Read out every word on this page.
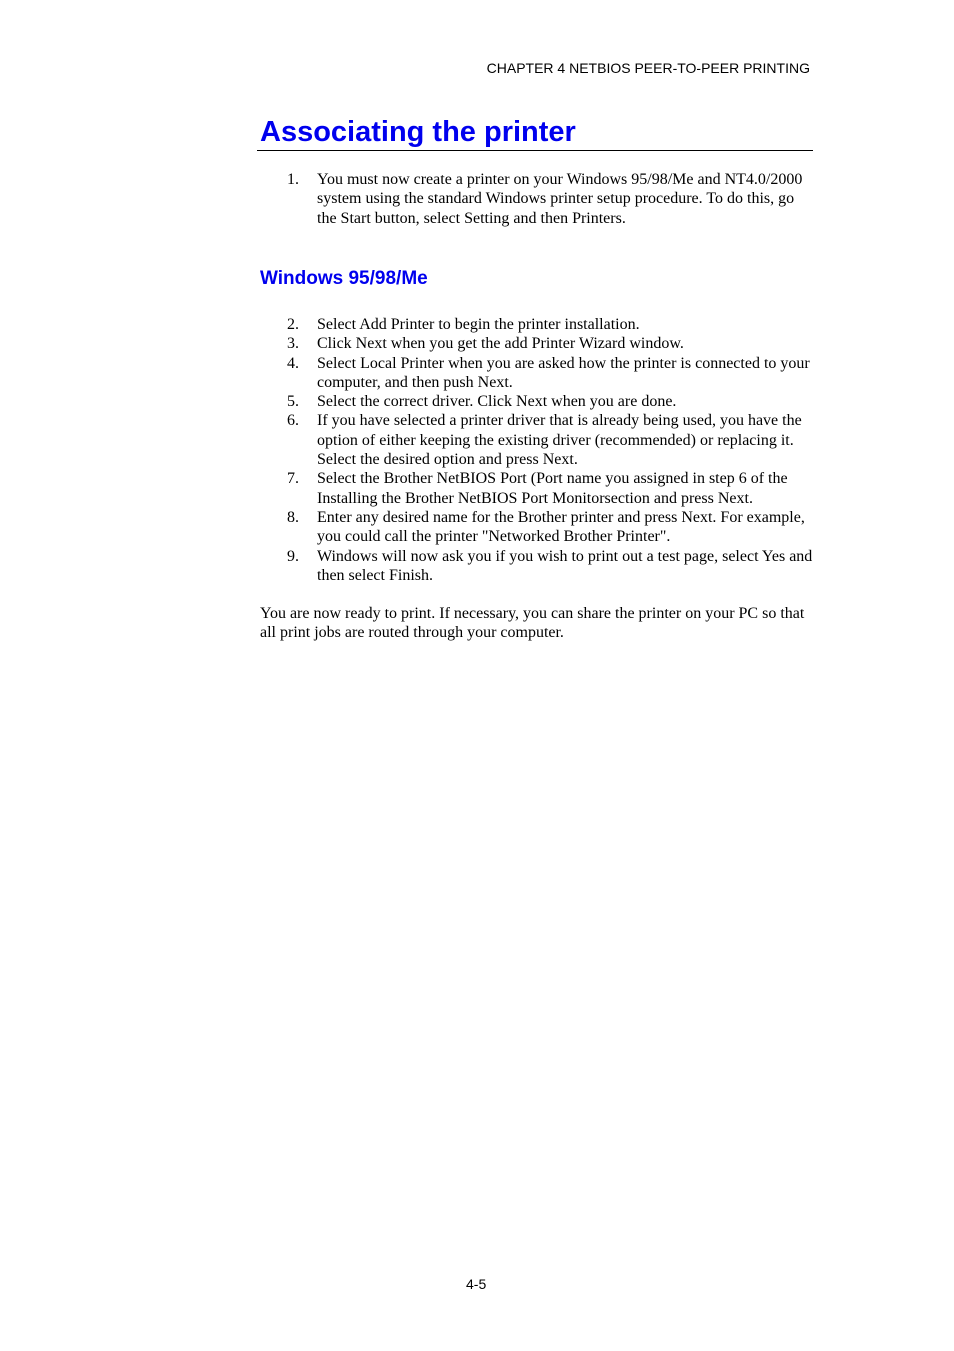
CHAPTER 4 NETBIOS PEER-TO-PEER PRINTING
Associating the printer
1.	You must now create a printer on your Windows 95/98/Me and NT4.0/2000 system using the standard Windows printer setup procedure. To do this, go the Start button, select Setting and then Printers.
Windows 95/98/Me
2.	Select Add Printer to begin the printer installation.
3.	Click Next when you get the add Printer Wizard window.
4.	Select Local Printer when you are asked how the printer is connected to your computer, and then push Next.
5.	Select the correct driver. Click Next when you are done.
6.	If you have selected a printer driver that is already being used, you have the option of either keeping the existing driver (recommended) or replacing it. Select the desired option and press Next.
7.	Select the Brother NetBIOS Port (Port name you assigned in step 6 of the Installing the Brother NetBIOS Port Monitorsection and press Next.
8.	Enter any desired name for the Brother printer and press Next. For example, you could call the printer "Networked Brother Printer".
9.	Windows will now ask you if you wish to print out a test page, select Yes and then select Finish.

You are now ready to print. If necessary, you can share the printer on your PC so that all print jobs are routed through your computer.

4-5
